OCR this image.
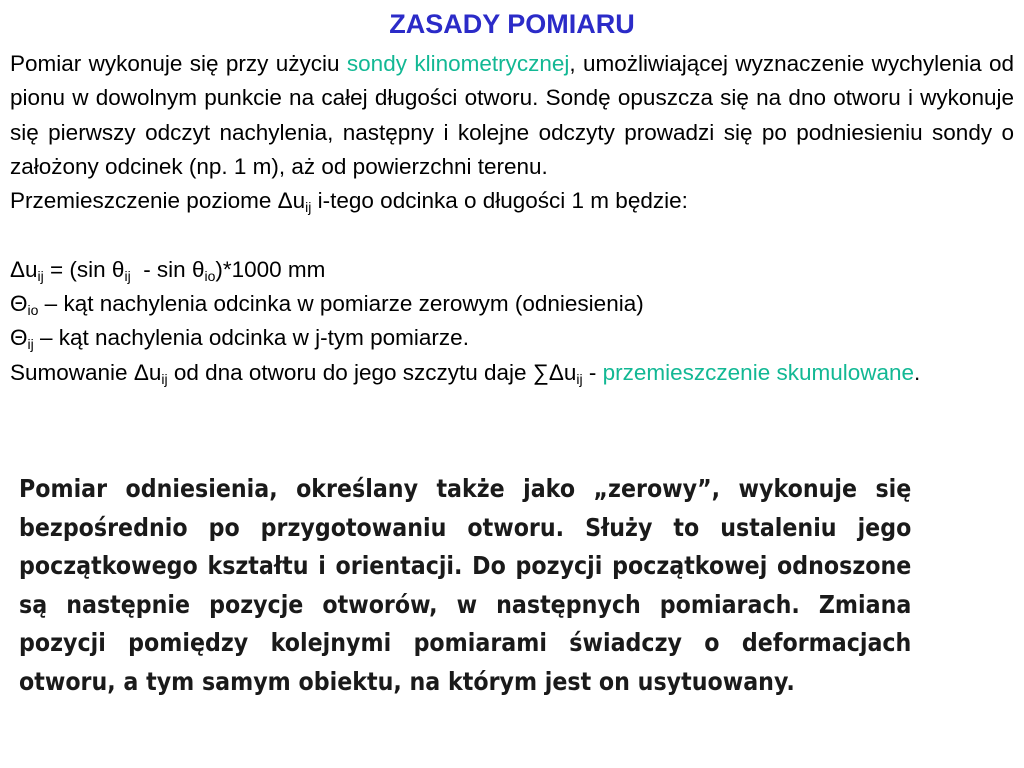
ZASADY POMIARU

Pomiar wykonuje się przy użyciu sondy klinometrycznej, umożliwiającej wyznaczenie wychylenia od pionu w dowolnym punkcie na całej długości otworu. Sondę opuszcza się na dno otworu i wykonuje się pierwszy odczyt nachylenia, następny i kolejne odczyty prowadzi się po podniesieniu sondy o założony odcinek (np. 1 m), aż od powierzchni terenu.

Przemieszczenie poziome $\Delta u_{ij}$ i-tego odcinka o długości 1 m będzie:

$\Delta u_{ij} = (\sin$ $\theta_{ij}$  - $\sin \theta_{io})*1000$ mm

$\Theta_{io}$ – kąt nachylenia odcinka w pomiarze zerowym (odniesienia)

$\Theta_{ij}$ – kąt nachylenia odcinka w j-tym pomiarze.

Sumowanie $\Delta u_{ij}$ od dna otworu do jego szczytu daje $\sum\Delta u_{ij}$ - przemieszczenie skumulowane.

Pomiar odniesienia, określany także jako „zerowy”, wykonuje się bezpośrednio po przygotowaniu otworu. Służy to ustaleniu jego początkowego kształtu i orientacji. Do pozycji początkowej odnoszone są następnie pozycje otworów, w następnych pomiarach. Zmiana pozycji pomiędzy kolejnymi pomiarami świadczy o deformacjach otworu, a tym samym obiektu, na którym jest on usytuowany.
